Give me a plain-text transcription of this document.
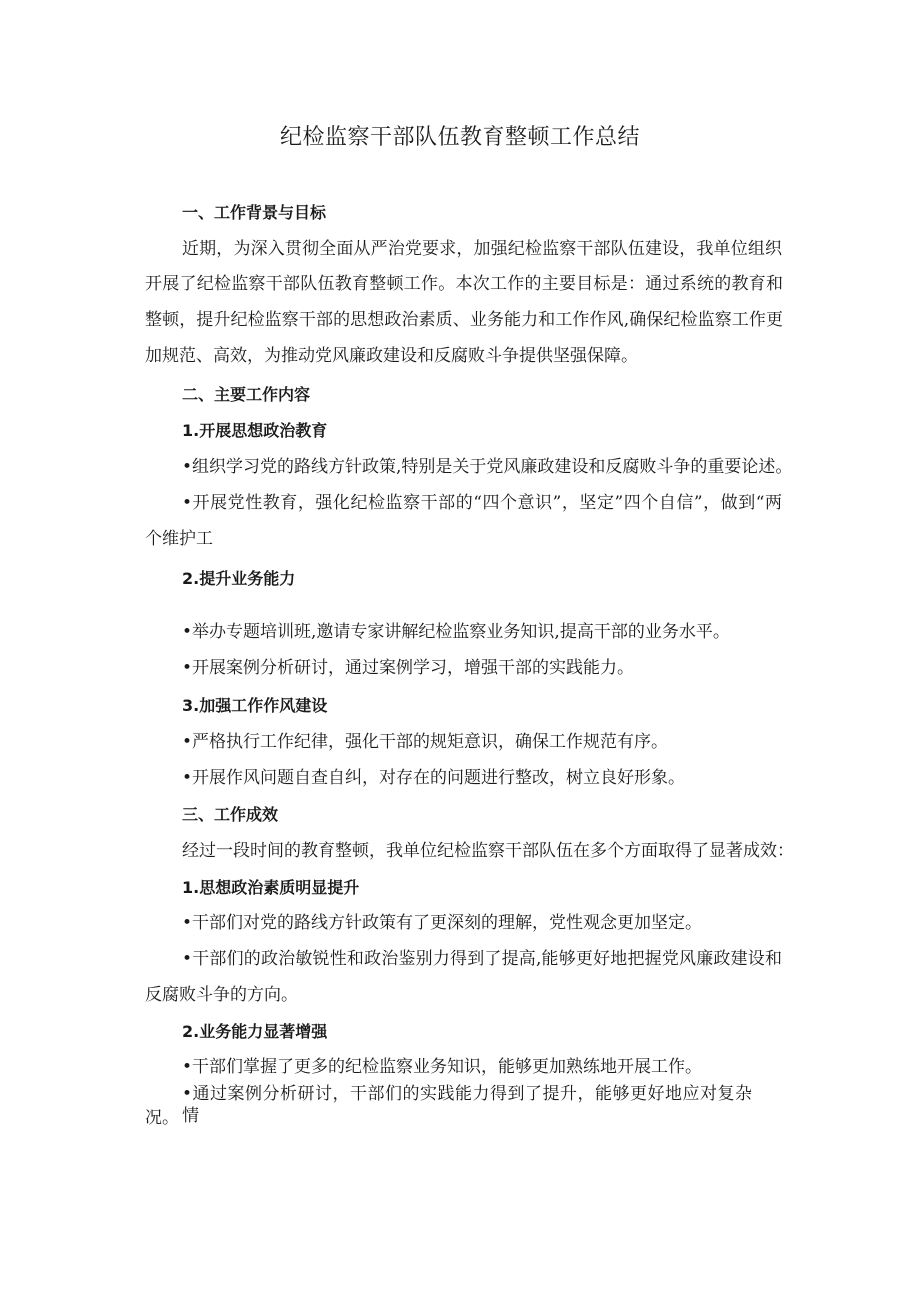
纪检监察干部队伍教育整顿工作总结
一、工作背景与目标
近期，为深入贯彻全面从严治党要求，加强纪检监察干部队伍建设，我单位组织
开展了纪检监察干部队伍教育整顿工作。本次工作的主要目标是：通过系统的教育和
整顿，提升纪检监察干部的思想政治素质、业务能力和工作作风,确保纪检监察工作更
加规范、高效，为推动党风廉政建设和反腐败斗争提供坚强保障。
二、主要工作内容
1.开展思想政治教育
•组织学习党的路线方针政策,特别是关于党风廉政建设和反腐败斗争的重要论述。
•开展党性教育，强化纪检监察干部的“四个意识”，坚定”四个自信”，做到“两
个维护工
2.提升业务能力
•举办专题培训班,邀请专家讲解纪检监察业务知识,提高干部的业务水平。
•开展案例分析研讨，通过案例学习，增强干部的实践能力。
3.加强工作作风建设
•严格执行工作纪律，强化干部的规矩意识，确保工作规范有序。
•开展作风问题自查自纠，对存在的问题进行整改，树立良好形象。
三、工作成效
经过一段时间的教育整顿，我单位纪检监察干部队伍在多个方面取得了显著成效：
1.思想政治素质明显提升
•干部们对党的路线方针政策有了更深刻的理解，党性观念更加坚定。
•干部们的政治敏锐性和政治鉴别力得到了提高,能够更好地把握党风廉政建设和
反腐败斗争的方向。
2.业务能力显著增强
•干部们掌握了更多的纪检监察业务知识，能够更加熟练地开展工作。
•通过案例分析研讨，干部们的实践能力得到了提升，能够更好地应对复杂情
况。
